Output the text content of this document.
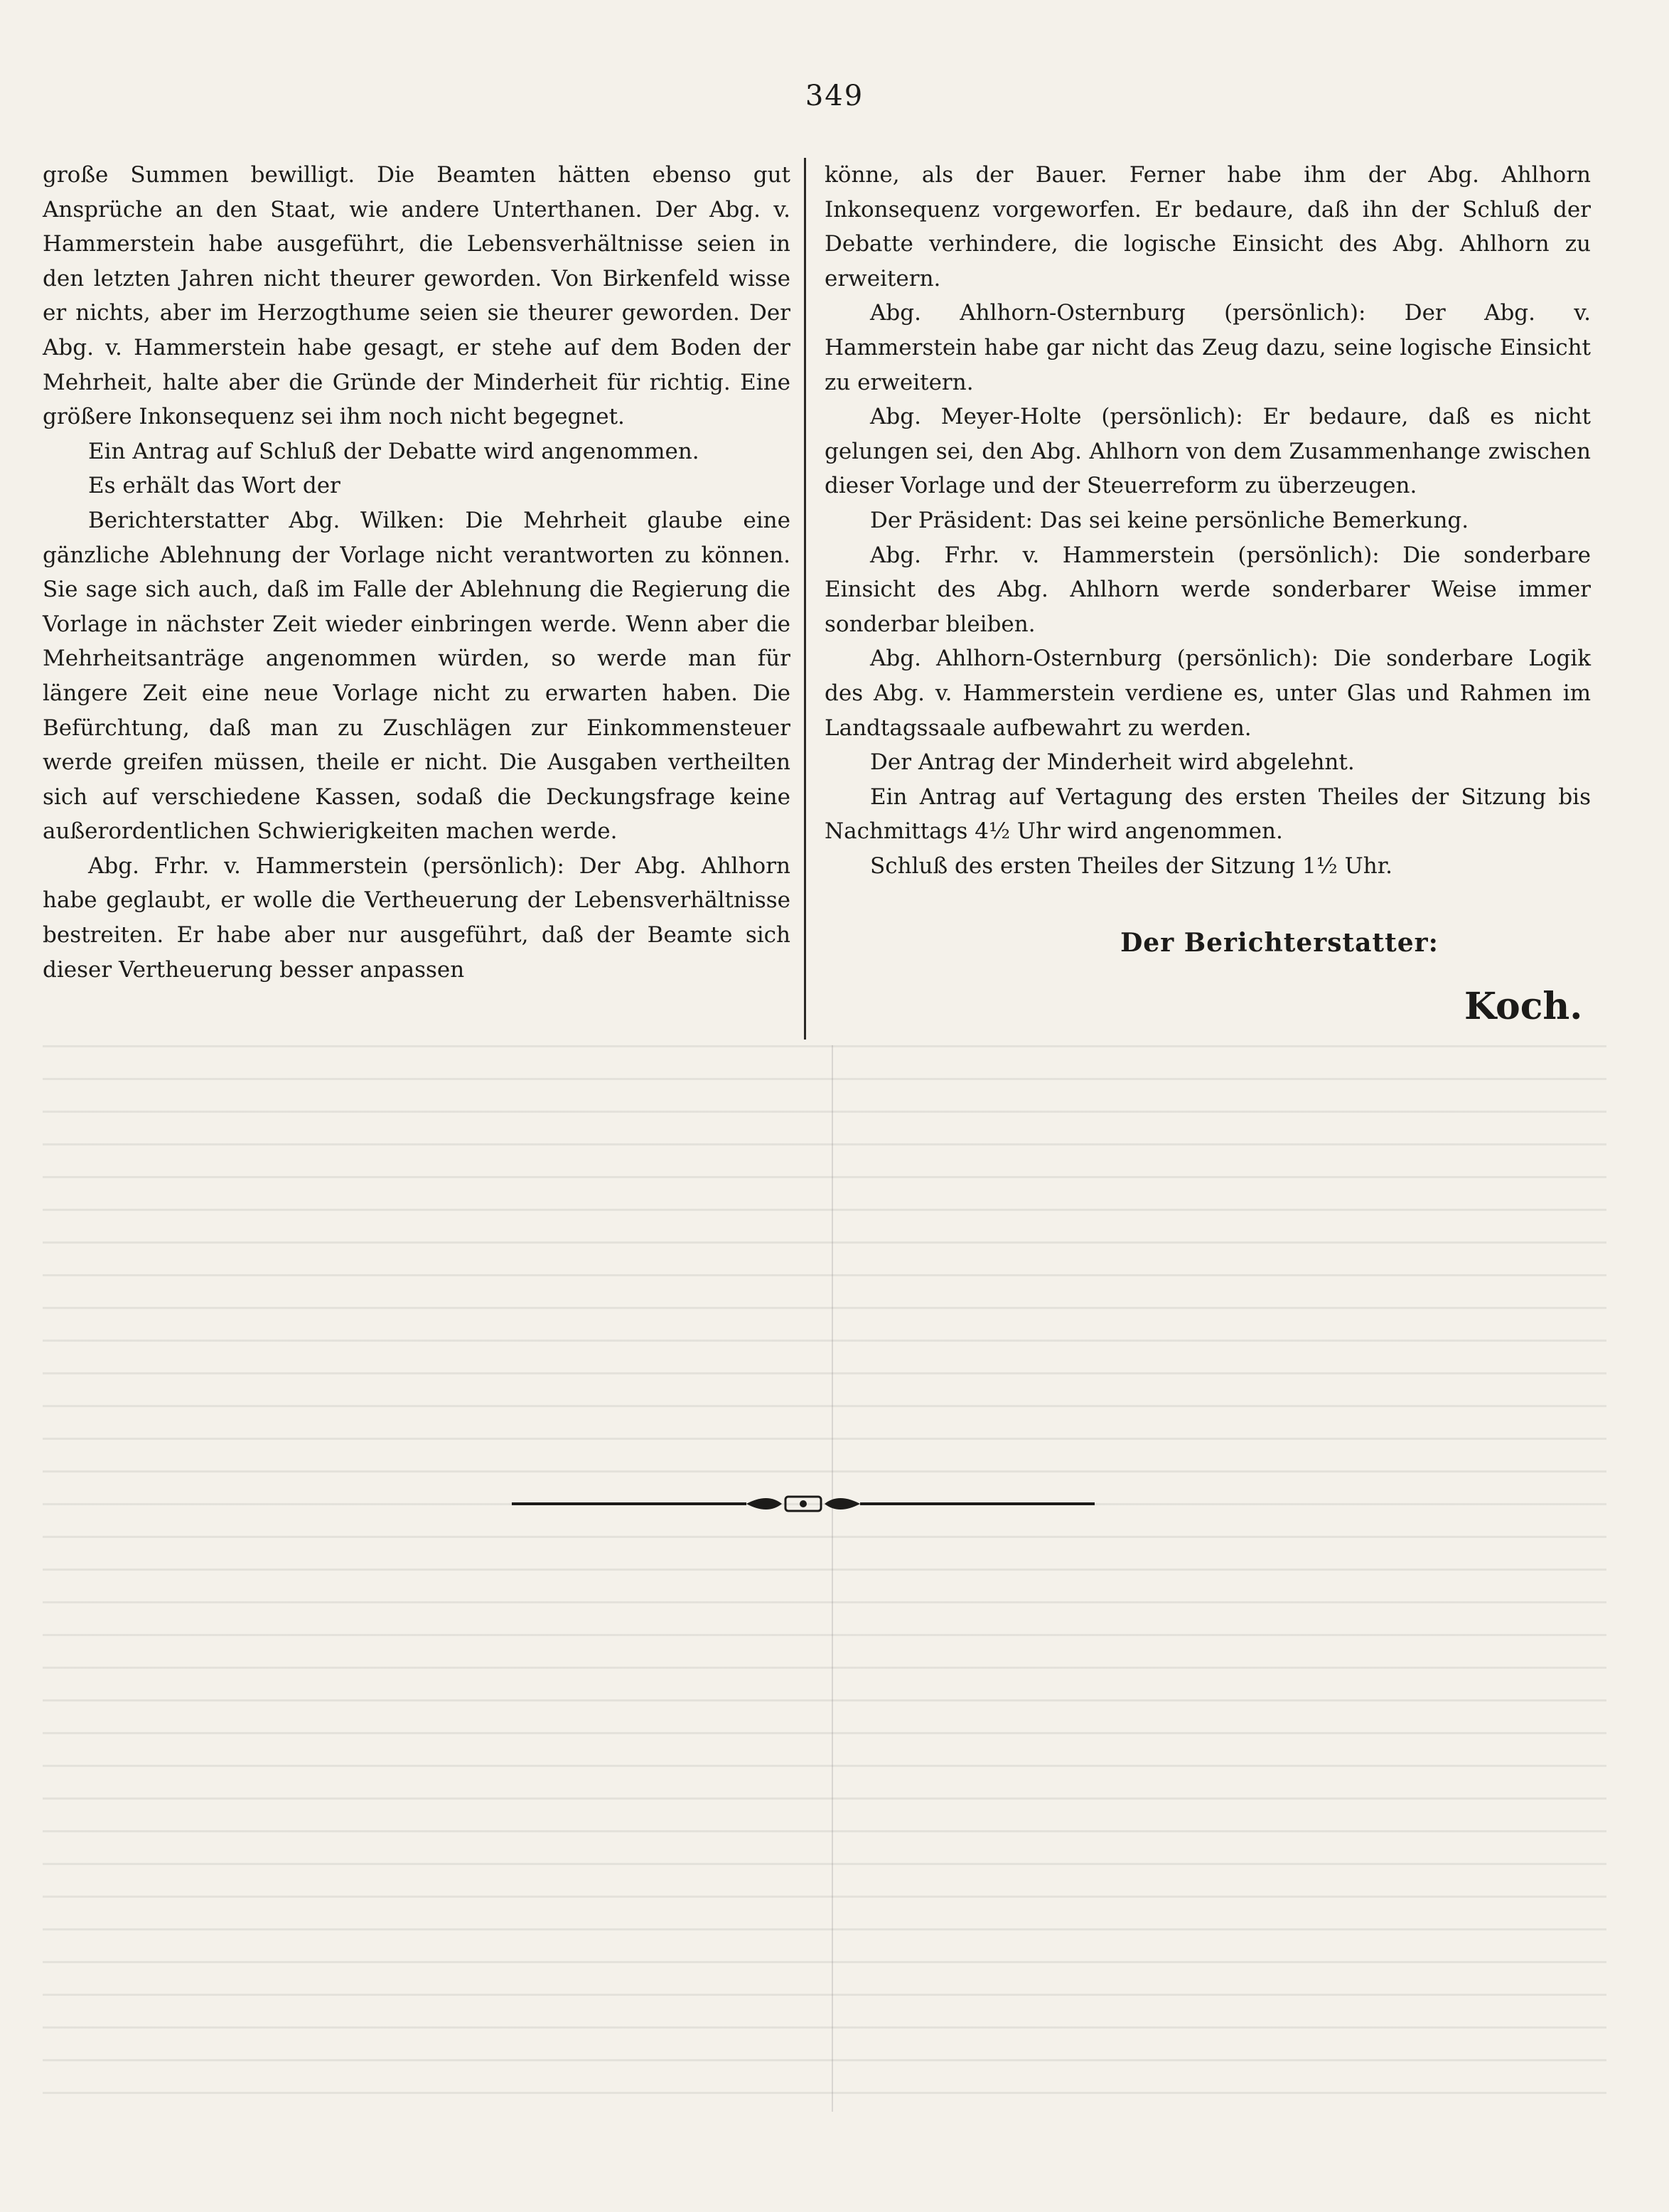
349

große Summen bewilligt. Die Beamten hätten ebenso gut Ansprüche an den Staat, wie andere Unterthanen. Der Abg. v. Hammerstein habe ausgeführt, die Lebensverhältnisse seien in den letzten Jahren nicht theurer geworden. Von Birkenfeld wisse er nichts, aber im Herzogthume seien sie theurer geworden. Der Abg. v. Hammerstein habe gesagt, er stehe auf dem Boden der Mehrheit, halte aber die Gründe der Minderheit für richtig. Eine größere Inkonsequenz sei ihm noch nicht begegnet.

Ein Antrag auf Schluß der Debatte wird angenommen.

Es erhält das Wort der

Berichterstatter Abg. Wilken: Die Mehrheit glaube eine gänzliche Ablehnung der Vorlage nicht verantworten zu können. Sie sage sich auch, daß im Falle der Ablehnung die Regierung die Vorlage in nächster Zeit wieder einbringen werde. Wenn aber die Mehrheitsanträge angenommen würden, so werde man für längere Zeit eine neue Vorlage nicht zu erwarten haben. Die Befürchtung, daß man zu Zuschlägen zur Einkommensteuer werde greifen müssen, theile er nicht. Die Ausgaben vertheilten sich auf verschiedene Kassen, sodaß die Deckungsfrage keine außerordentlichen Schwierigkeiten machen werde.

Abg. Frhr. v. Hammerstein (persönlich): Der Abg. Ahlhorn habe geglaubt, er wolle die Vertheuerung der Lebensverhältnisse bestreiten. Er habe aber nur ausgeführt, daß der Beamte sich dieser Vertheuerung besser anpassen

könne, als der Bauer. Ferner habe ihm der Abg. Ahlhorn Inkonsequenz vorgeworfen. Er bedaure, daß ihn der Schluß der Debatte verhindere, die logische Einsicht des Abg. Ahlhorn zu erweitern.

Abg. Ahlhorn-Osternburg (persönlich): Der Abg. v. Hammerstein habe gar nicht das Zeug dazu, seine logische Einsicht zu erweitern.

Abg. Meyer-Holte (persönlich): Er bedaure, daß es nicht gelungen sei, den Abg. Ahlhorn von dem Zusammenhange zwischen dieser Vorlage und der Steuerreform zu überzeugen.

Der Präsident: Das sei keine persönliche Bemerkung.

Abg. Frhr. v. Hammerstein (persönlich): Die sonderbare Einsicht des Abg. Ahlhorn werde sonderbarer Weise immer sonderbar bleiben.

Abg. Ahlhorn-Osternburg (persönlich): Die sonderbare Logik des Abg. v. Hammerstein verdiene es, unter Glas und Rahmen im Landtagssaale aufbewahrt zu werden.

Der Antrag der Minderheit wird abgelehnt.

Ein Antrag auf Vertagung des ersten Theiles der Sitzung bis Nachmittags 4½ Uhr wird angenommen.

Schluß des ersten Theiles der Sitzung 1½ Uhr.

Der Berichterstatter:
Koch.
